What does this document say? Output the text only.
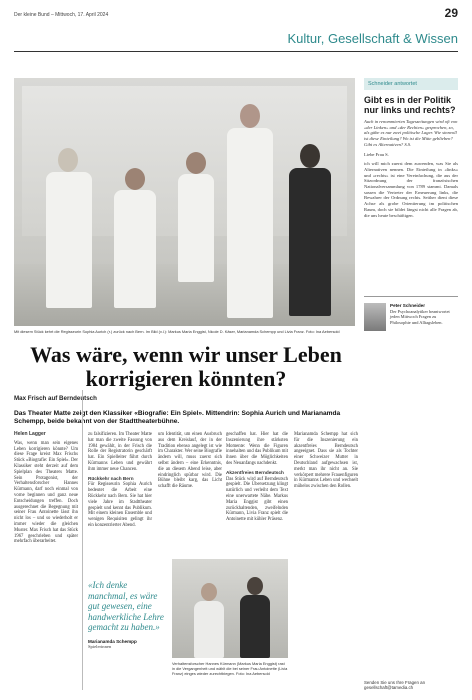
Der kleine Bund – Mittwoch, 17. April 2024	29
Kultur, Gesellschaft & Wissen
Mit diesem Stück kehrt die Regisseurin Sophia Aurich (r.) zurück nach Bern. Im Bild (v.l.): Markus Maria Enggist, Nicole D. Käser, Marianamda Schempp und Livia Franz. Foto: Ina Aebersold
Schneider antwortet
Gibt es in der Politik nur links und rechts?
Auch in renommierten Tageszeitungen wird oft von «der Linken» und «der Rechten» gesprochen, so, als gäbe es nur zwei politische Lager. Wie sinnvoll ist diese Einteilung? Wo ist die Mitte geblieben? Gibt es Alternativen? S.S.
Liebe Frau S.
ich will mich zuerst dem zuwenden, was Sie als Alternativen nennen. Die Einteilung in «links» und «rechts» ist eine Vereinfachung, die aus der Sitzordnung der französischen Nationalversammlung von 1789 stammt. Damals sassen die Vertreter der Erneuerung links, die Bewahrer der Ordnung rechts. Seither dient diese Achse als grobe Orientierung im politischen Raum, doch sie bildet längst nicht alle Fragen ab, die uns heute beschäftigen.
Peter Schneider
Der Psychoanalytiker beantwortet jeden Mittwoch Fragen zu Philosophie und Alltagsleben.
Was wäre, wenn wir unser Leben korrigieren könnten?
Max Frisch auf Berndeutsch
Das Theater Matte zeigt den Klassiker «Biografie: Ein Spiel». Mittendrin: Sophia Aurich und Marianamda Schempp, beide bekannt von der Stadttheaterbühne.
Helen Lagger

Was, wenn man sein eigenes Leben korrigieren könnte? Um diese Frage kreist Max Frischs Stück «Biografie: Ein Spiel». Der Klassiker steht derzeit auf dem Spielplan des Theaters Matte. Sein Protagonist, der Verhaltensforscher Hannes Kürmann, darf noch einmal von vorne beginnen und ganz neue Entscheidungen treffen. Doch ausgerechnet die Begegnung mit seiner Frau Antoinette lässt ihn nicht los – und so wiederholt er immer wieder die gleichen Muster. Max Frisch hat das Stück 1967 geschrieben und später mehrfach überarbeitet.

zu falsifizieren. Im Theater Matte hat man die zweite Fassung von 1984 gewählt, in der Frisch die Rolle der Registratorin geschärft hat. Ein Spielleiter führt durch Kürmanns Leben und gewährt ihm immer neue Chancen.

Rückkehr nach Bern

Für Regisseurin Sophia Aurich bedeutet die Arbeit eine Rückkehr nach Bern. Sie hat hier viele Jahre im Stadttheater gespielt und kennt das Publikum. Mit einem kleinen Ensemble und wenigen Requisiten gelingt ihr ein konzentrierter Abend.

um Identität, um einen Ausbruch aus dem Kreislauf, der in der Tradition ebenso angelegt ist wie im Charakter. Wer seine Biografie ändern will, muss zuerst sich selbst ändern – eine Erkenntnis, die an diesem Abend leise, aber eindringlich spürbar wird. Die Bühne bleibt karg, das Licht schafft die Räume.

geschaffen hat. Hier hat die Inszenierung ihre stärksten Momente: Wenn die Figuren innehalten und das Publikum mit ihnen über die Möglichkeiten des Neuanfangs nachdenkt.

Akzentfreies Berndeutsch

Das Stück wird auf Berndeutsch gespielt. Die Übersetzung klingt natürlich und verleiht dem Text eine unerwartete Nähe. Markus Maria Enggist gibt einen zurückhaltenden, zweifelnden Kürmann, Livia Franz spielt die Antoinette mit kühler Präsenz.

Marianamda Schempp hat sich für die Inszenierung ein akzentfreies Berndeutsch angeeignet. Dass sie als Tochter einer Schweizer Mutter in Deutschland aufgewachsen ist, merkt man ihr nicht an. Sie verkörpert mehrere Frauenfiguren in Kürmanns Leben und wechselt mühelos zwischen den Rollen.

«Ich denke manchmal, es wäre gut gewesen, eine handwerkliche Lehre gemacht zu haben.»
Marianamda Schempp
Spielerinnen
Verhaltensforscher Hannes Kürmann (Markus Maria Enggist) rast in die Vergangenheit und wählt die bei seiner Frau Antoinette (Livia Franz) einges wieder zurechtbiegen. Foto: Ina Aebersold
Senden Sie uns Ihre Fragen an gesellschaft@tamedia.ch
